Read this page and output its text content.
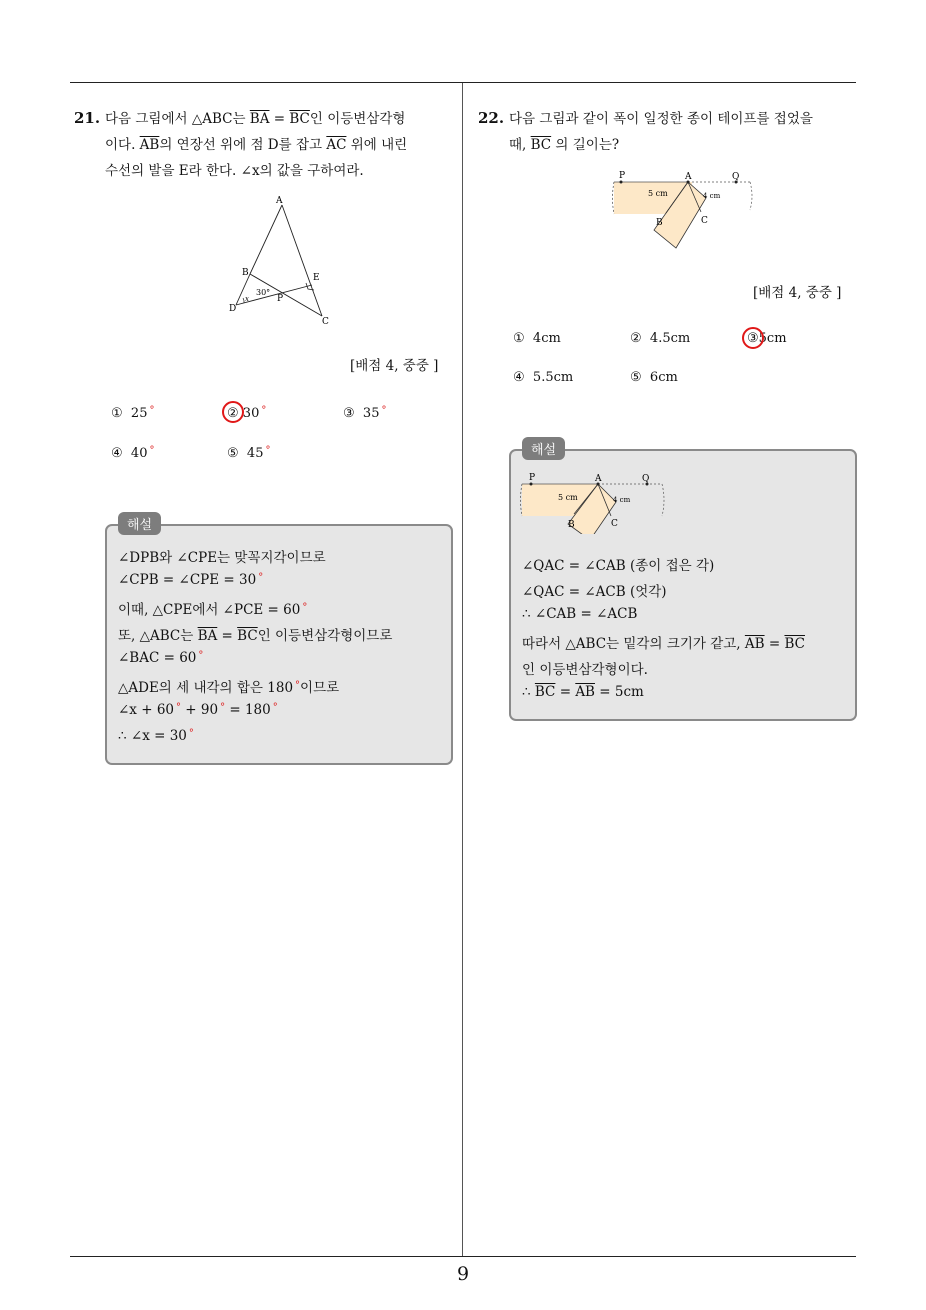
9
21. 다음 그림에서 △ABC는 $\overline{BA} = \overline{BC}$인 이등변삼각형
이다. $\overline{AB}$의 연장선 위에 점 D를 잡고 $\overline{AC}$ 위에 내린
수선의 발을 E라 한다. ∠x의 값을 구하여라.
A
B
C
D
E
P
30°
x
[배점 4, 중중 ]
① 25 °	② 30 °	③ 35 °
④ 40 °	⑤ 45 °
해설
∠DPB와 ∠CPE는 맞꼭지각이므로
∠CPB = ∠CPE = 30 °
이때, △CPE에서 ∠PCE = 60 °
또, △ABC는 $\overline{BA} = \overline{BC}$인 이등변삼각형이므로
∠BAC = 60 °
△ADE의 세 내각의 합은 180 °이므로
∠x + 60 ° + 90 ° = 180 °
∴ ∠x = 30 °
22. 다음 그림과 같이 폭이 일정한 종이 테이프를 접었을
때, $\overline{BC}$ 의 길이는?
P	A	Q
B	C
5 cm	4 cm
[배점 4, 중중 ]
① 4cm	② 4.5cm	③5cm
④ 5.5cm	⑤ 6cm
해설
P	A	Q
B	C
5 cm	4 cm
∠QAC = ∠CAB (종이 접은 각)
∠QAC = ∠ACB (엇각)
∴ ∠CAB = ∠ACB
따라서 △ABC는 밑각의 크기가 같고, $\overline{AB} = \overline{BC}$
인 이등변삼각형이다.
∴ $\overline{BC} = \overline{AB} = 5cm$
